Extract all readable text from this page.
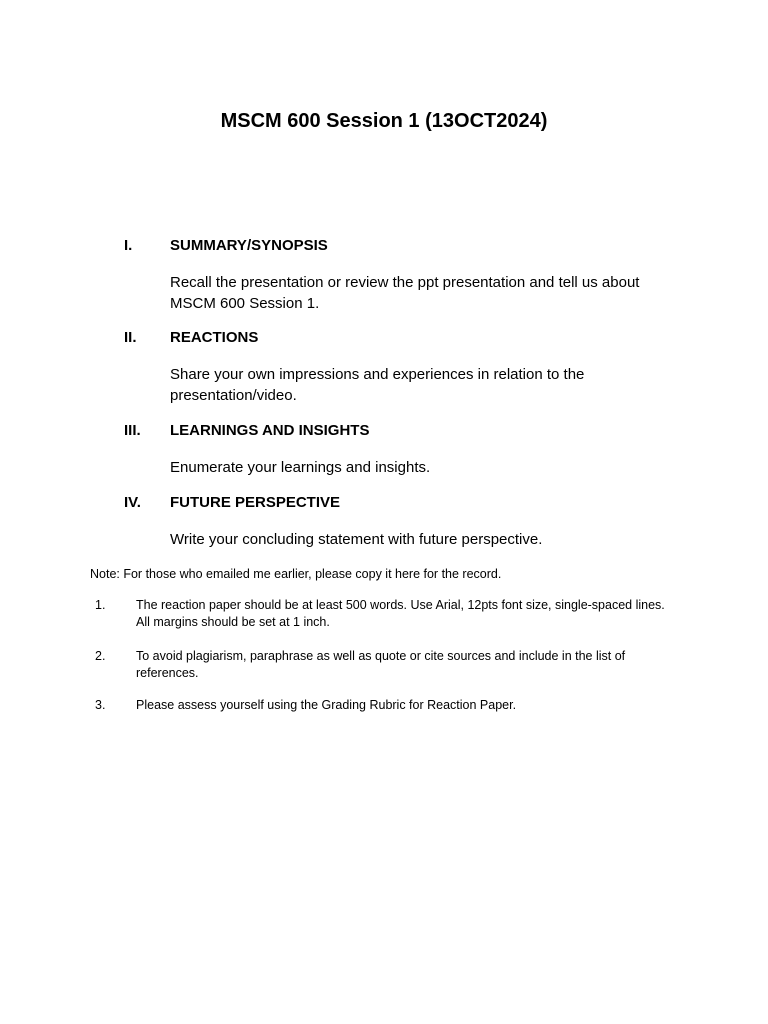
MSCM 600 Session 1 (13OCT2024)
I.	SUMMARY/SYNOPSIS
Recall the presentation or review the ppt presentation and tell us about MSCM 600 Session 1.
II. REACTIONS
Share your own impressions and experiences in relation to the presentation/video.
III. LEARNINGS AND INSIGHTS
Enumerate your learnings and insights.
IV. FUTURE PERSPECTIVE
Write your concluding statement with future perspective.
Note: For those who emailed me earlier, please copy it here for the record.
1. The reaction paper should be at least 500 words. Use Arial, 12pts font size, single-spaced lines. All margins should be set at 1 inch.
2. To avoid plagiarism, paraphrase as well as quote or cite sources and include in the list of references.
3. Please assess yourself using the Grading Rubric for Reaction Paper.
